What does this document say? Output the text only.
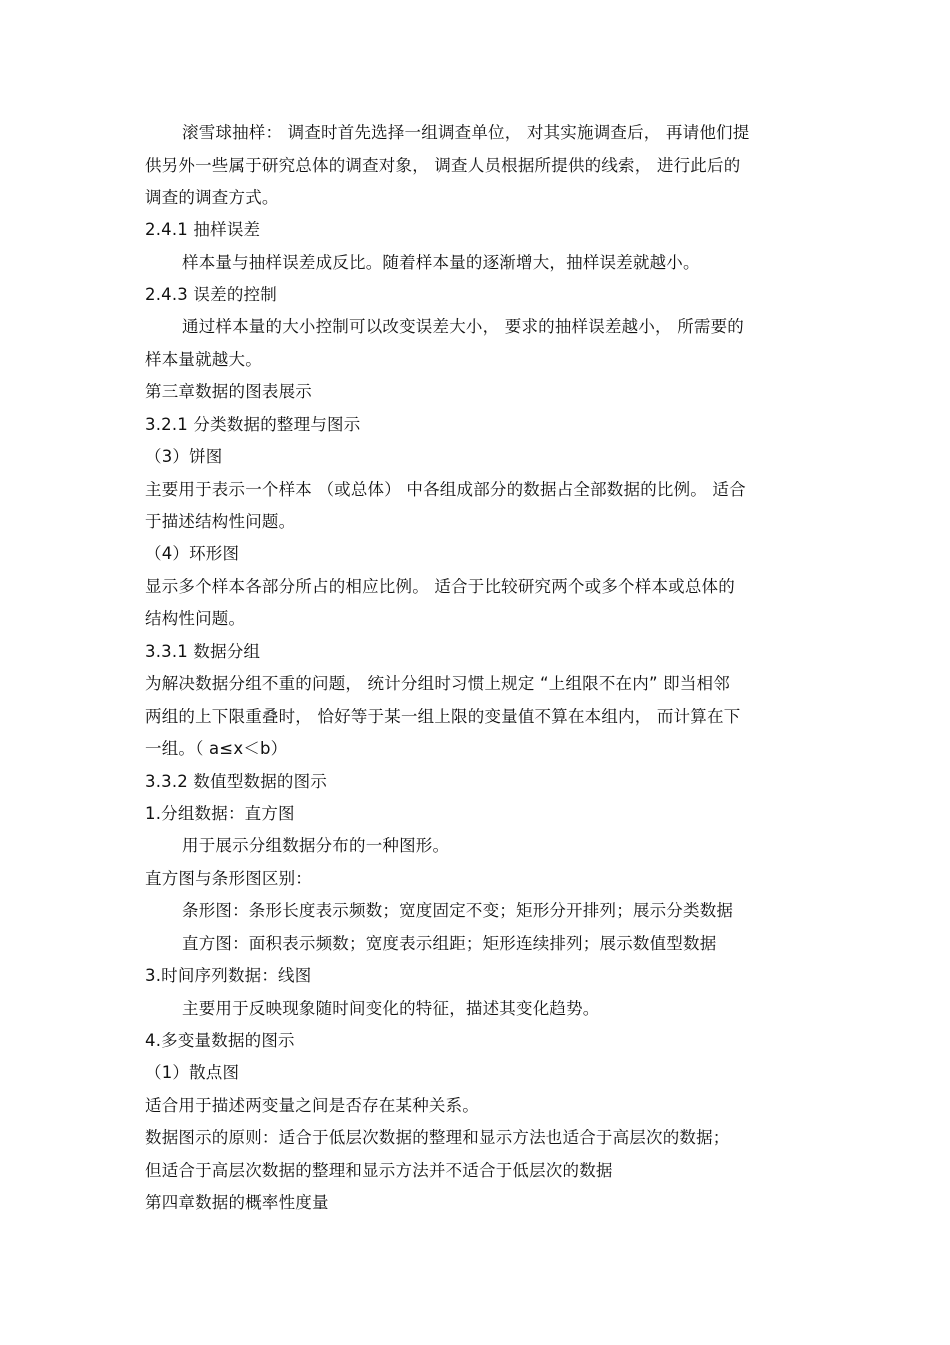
滚雪球抽样： 调查时首先选择一组调查单位， 对其实施调查后， 再请他们提
供另外一些属于研究总体的调查对象， 调查人员根据所提供的线索， 进行此后的
调查的调查方式。
2.4.1 抽样误差
样本量与抽样误差成反比。随着样本量的逐渐增大，抽样误差就越小。
2.4.3 误差的控制
通过样本量的大小控制可以改变误差大小， 要求的抽样误差越小， 所需要的
样本量就越大。
第三章数据的图表展示
3.2.1 分类数据的整理与图示
（3）饼图
主要用于表示一个样本 （或总体） 中各组成部分的数据占全部数据的比例。 适合
于描述结构性问题。
（4）环形图
显示多个样本各部分所占的相应比例。 适合于比较研究两个或多个样本或总体的
结构性问题。
3.3.1 数据分组
为解决数据分组不重的问题， 统计分组时习惯上规定 “上组限不在内” 即当相邻
两组的上下限重叠时， 恰好等于某一组上限的变量值不算在本组内， 而计算在下
一组。（ a≤x＜b）
3.3.2 数值型数据的图示
1.分组数据：直方图
用于展示分组数据分布的一种图形。
直方图与条形图区别：
条形图：条形长度表示频数；宽度固定不变；矩形分开排列；展示分类数据
直方图：面积表示频数；宽度表示组距；矩形连续排列；展示数值型数据
3.时间序列数据：线图
主要用于反映现象随时间变化的特征，描述其变化趋势。
4.多变量数据的图示
（1）散点图
适合用于描述两变量之间是否存在某种关系。
数据图示的原则：适合于低层次数据的整理和显示方法也适合于高层次的数据；
但适合于高层次数据的整理和显示方法并不适合于低层次的数据
第四章数据的概率性度量
